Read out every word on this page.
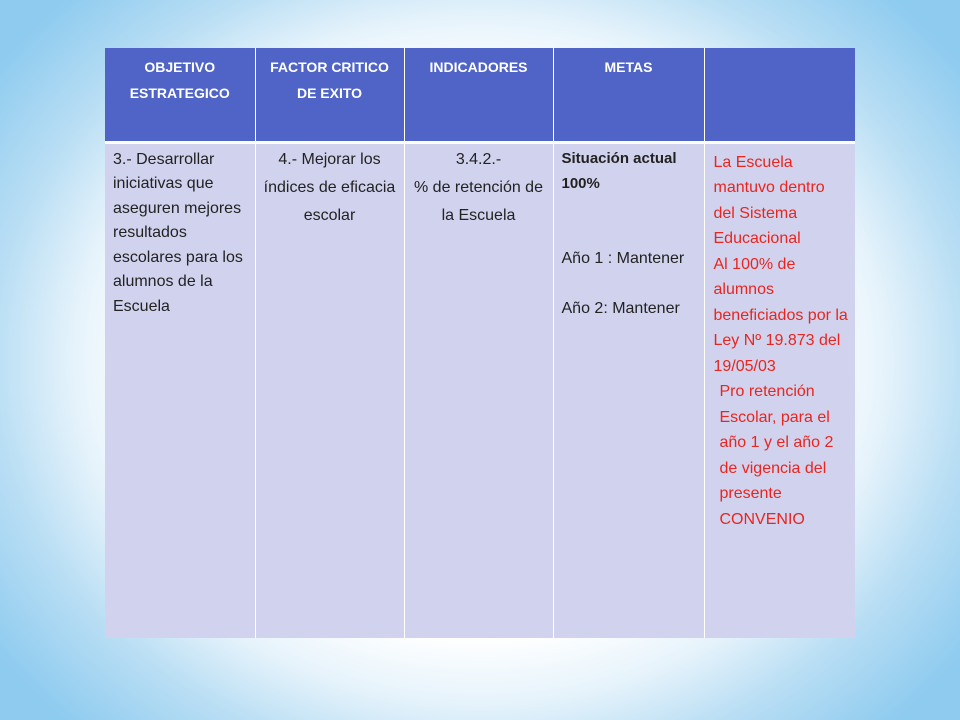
OBJETIVO ESTRATEGICO	FACTOR CRITICO DE EXITO	INDICADORES	METAS	
3.- Desarrollar iniciativas que aseguren mejores resultados escolares para los alumnos de la Escuela	4.- Mejorar los índices de eficacia escolar	3.4.2.-
% de retención de la Escuela	Situación actual
100%
Año 1 : Mantener
Año 2: Mantener	La Escuela mantuvo dentro del Sistema Educacional
Al 100% de alumnos beneficiados por la Ley Nº 19.873 del 19/05/03
Pro retención Escolar, para el año 1 y el año 2 de vigencia del presente CONVENIO
